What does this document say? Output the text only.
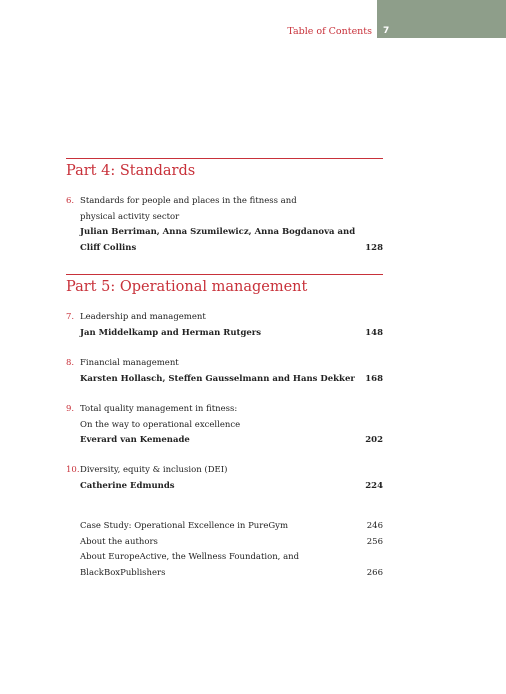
Table of Contents 7
Part 4: Standards
6. Standards for people and places in the fitness and
physical activity sector
Julian Berriman, Anna Szumilewicz, Anna Bogdanova and
Cliff Collins	128
Part 5: Operational management
7. Leadership and management
Jan Middelkamp and Herman Rutgers	148
8. Financial management
Karsten Hollasch, Steffen Gausselmann and Hans Dekker 168
9. Total quality management in fitness:
On the way to operational excellence
Everard van Kemenade	202
10. Diversity, equity & inclusion (DEI)
Catherine Edmunds	224
Case Study: Operational Excellence in PureGym	246
About the authors	256
About EuropeActive, the Wellness Foundation, and
BlackBoxPublishers	266
